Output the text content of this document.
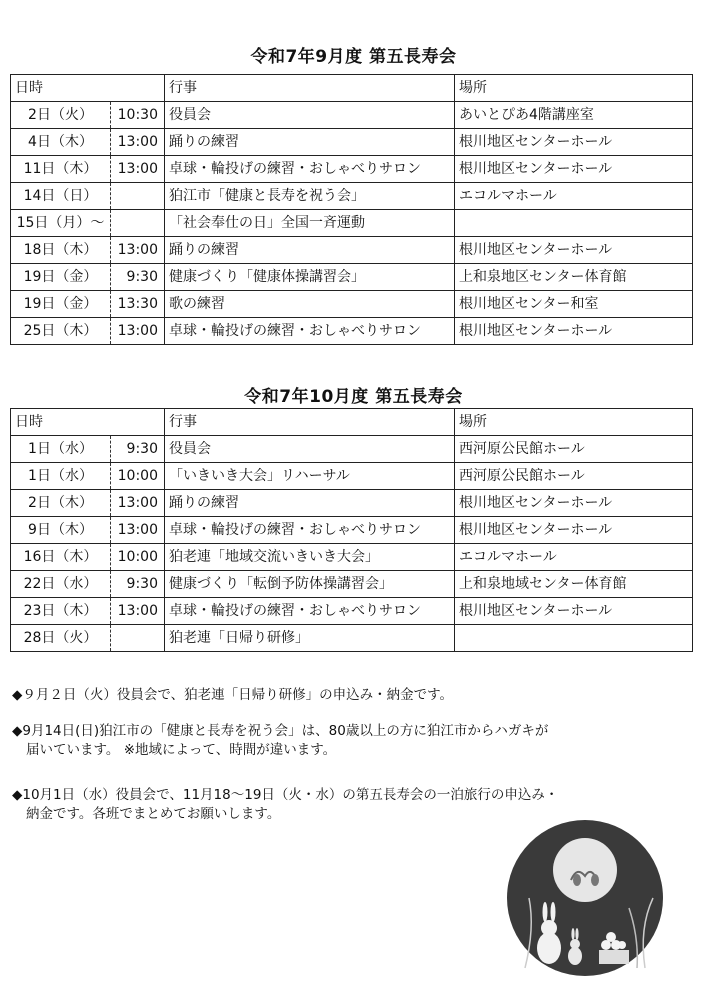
令和7年9月度 第五長寿会
日時		行事	場所
2日（火）	10:30	役員会	あいとぴあ4階講座室
4日（木）	13:00	踊りの練習	根川地区センターホール
11日（木）	13:00	卓球・輪投げの練習・おしゃべりサロン	根川地区センターホール
14日（日）		狛江市「健康と長寿を祝う会」	エコルマホール
15日（月）～		「社会奉仕の日」全国一斉運動	
18日（木）	13:00	踊りの練習	根川地区センターホール
19日（金）	9:30	健康づくり「健康体操講習会」	上和泉地区センター体育館
19日（金）	13:30	歌の練習	根川地区センター和室
25日（木）	13:00	卓球・輪投げの練習・おしゃべりサロン	根川地区センターホール
令和7年10月度 第五長寿会
日時		行事	場所
1日（水）	9:30	役員会	西河原公民館ホール
1日（水）	10:00	「いきいき大会」リハーサル	西河原公民館ホール
2日（木）	13:00	踊りの練習	根川地区センターホール
9日（木）	13:00	卓球・輪投げの練習・おしゃべりサロン	根川地区センターホール
16日（木）	10:00	狛老連「地域交流いきいき大会」	エコルマホール
22日（水）	9:30	健康づくり「転倒予防体操講習会」	上和泉地域センター体育館
23日（木）	13:00	卓球・輪投げの練習・おしゃべりサロン	根川地区センターホール
28日（火）		狛老連「日帰り研修」	
◆９月２日（火）役員会で、狛老連「日帰り研修」の申込み・納金です。
◆9月14日(日)狛江市の「健康と長寿を祝う会」は、80歳以上の方に狛江市からハガキが
届いています。 ※地域によって、時間が違います。
◆10月1日（水）役員会で、11月18～19日（火・水）の第五長寿会の一泊旅行の申込み・
納金です。各班でまとめてお願いします。
